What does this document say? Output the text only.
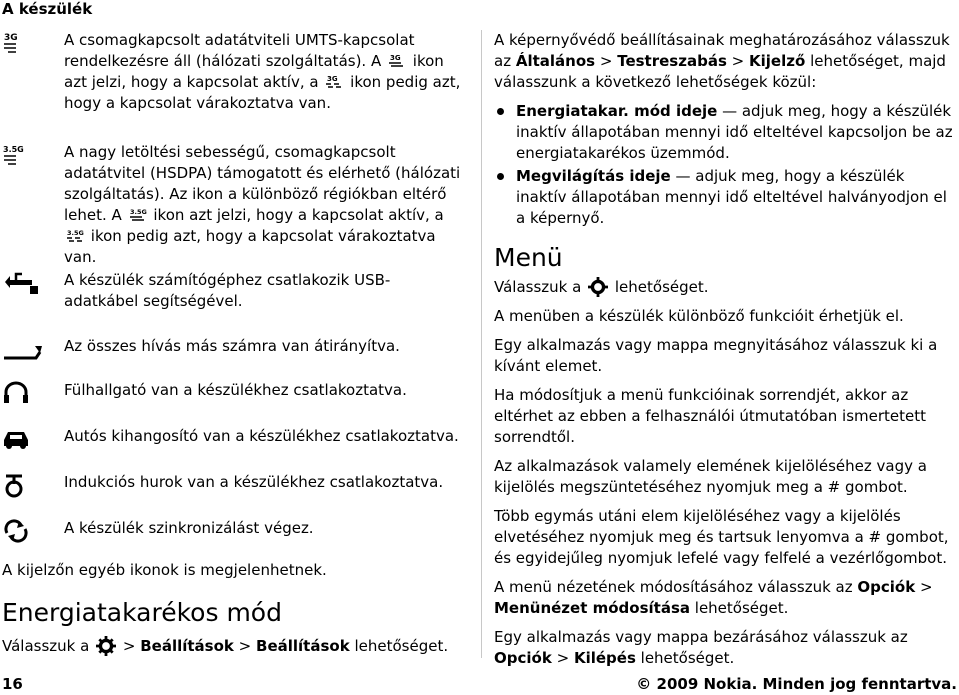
A készülék
3G	A csomagkapcsolt adatátviteli UMTS-kapcsolat rendelkezésre áll (hálózati szolgáltatás). A 3G ikon azt jelzi, hogy a kapcsolat aktív, a 3G ikon pedig azt, hogy a kapcsolat várakoztatva van.
3.5G	A nagy letöltési sebességű, csomagkapcsolt adatátvitel (HSDPA) támogatott és elérhető (hálózati szolgáltatás). Az ikon a különböző régiókban eltérő lehet. A 3.5G ikon azt jelzi, hogy a kapcsolat aktív, a
3.5G ikon pedig azt, hogy a kapcsolat várakoztatva van.
A készülék számítógéphez csatlakozik USB-adatkábel segítségével.
Az összes hívás más számra van átirányítva.
Fülhallgató van a készülékhez csatlakoztatva.
Autós kihangosító van a készülékhez csatlakoztatva.
Indukciós hurok van a készülékhez csatlakoztatva.
A készülék szinkronizálást végez.
A kijelzőn egyéb ikonok is megjelenhetnek.
Energiatakarékos mód
Válasszuk a > Beállítások > Beállítások lehetőséget.
A képernyővédő beállításainak meghatározásához válasszuk az Általános > Testreszabás > Kijelző lehetőséget, majd válasszunk a következő lehetőségek közül:
Energiatakar. mód ideje — adjuk meg, hogy a készülék inaktív állapotában mennyi idő elteltével kapcsoljon be az energiatakarékos üzemmód.
Megvilágítás ideje — adjuk meg, hogy a készülék inaktív állapotában mennyi idő elteltével halványodjon el a képernyő.
Menü
Válasszuk a lehetőséget.
A menüben a készülék különböző funkcióit érhetjük el.
Egy alkalmazás vagy mappa megnyitásához válasszuk ki a kívánt elemet.
Ha módosítjuk a menü funkcióinak sorrendjét, akkor az eltérhet az ebben a felhasználói útmutatóban ismertetett sorrendtől.
Az alkalmazások valamely elemének kijelöléséhez vagy a kijelölés megszüntetéséhez nyomjuk meg a # gombot.
Több egymás utáni elem kijelöléséhez vagy a kijelölés elvetéséhez nyomjuk meg és tartsuk lenyomva a # gombot, és egyidejűleg nyomjuk lefelé vagy felfelé a vezérlőgombot.
A menü nézetének módosításához válasszuk az Opciók > Menünézet módosítása lehetőséget.
Egy alkalmazás vagy mappa bezárásához válasszuk az Opciók > Kilépés lehetőséget.
16	© 2009 Nokia. Minden jog fenntartva.
